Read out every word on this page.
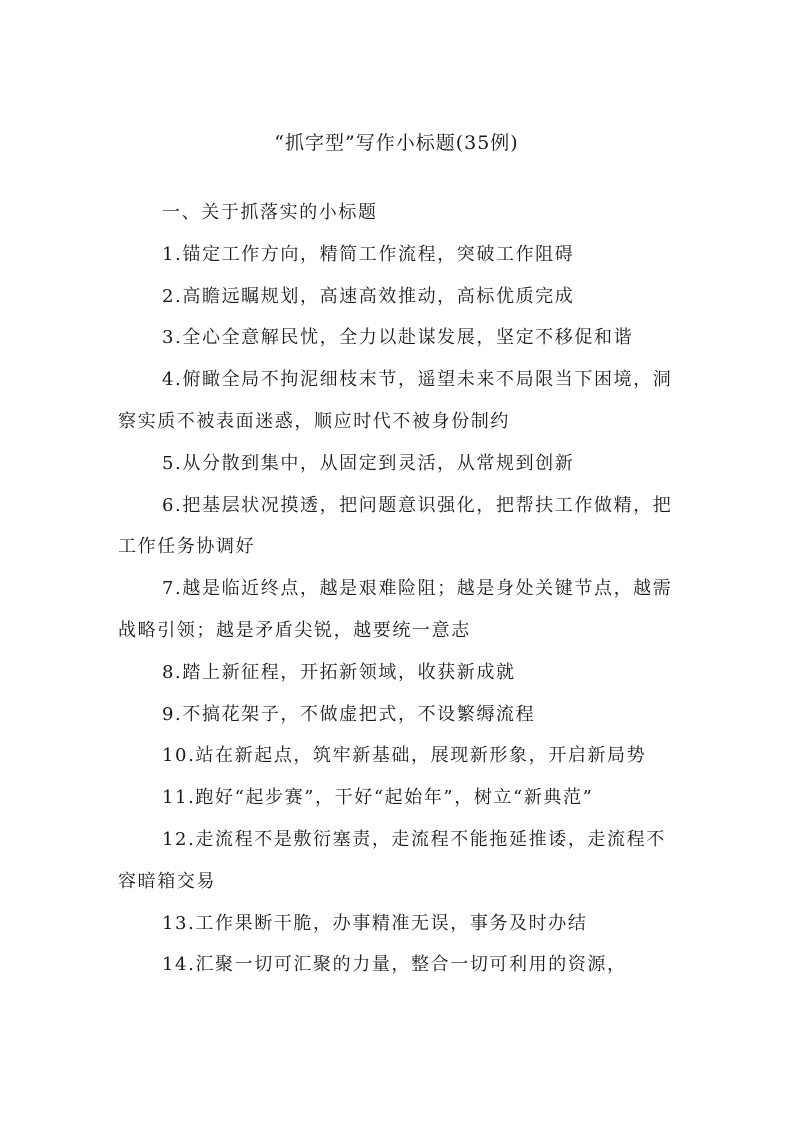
“抓字型”写作小标题(35例)

一、关于抓落实的小标题

1.锚定工作方向，精简工作流程，突破工作阻碍

2.高瞻远瞩规划，高速高效推动，高标优质完成

3.全心全意解民忧，全力以赴谋发展，坚定不移促和谐

4.俯瞰全局不拘泥细枝末节，遥望未来不局限当下困境，洞察实质不被表面迷惑，顺应时代不被身份制约

5.从分散到集中，从固定到灵活，从常规到创新

6.把基层状况摸透，把问题意识强化，把帮扶工作做精，把工作任务协调好

7.越是临近终点，越是艰难险阻；越是身处关键节点，越需战略引领；越是矛盾尖锐，越要统一意志

8.踏上新征程，开拓新领域，收获新成就

9.不搞花架子，不做虚把式，不设繁缛流程

10.站在新起点，筑牢新基础，展现新形象，开启新局势

11.跑好“起步赛”，干好“起始年”，树立“新典范”

12.走流程不是敷衍塞责，走流程不能拖延推诿，走流程不容暗箱交易

13.工作果断干脆，办事精准无误，事务及时办结

14.汇聚一切可汇聚的力量，整合一切可利用的资源，
